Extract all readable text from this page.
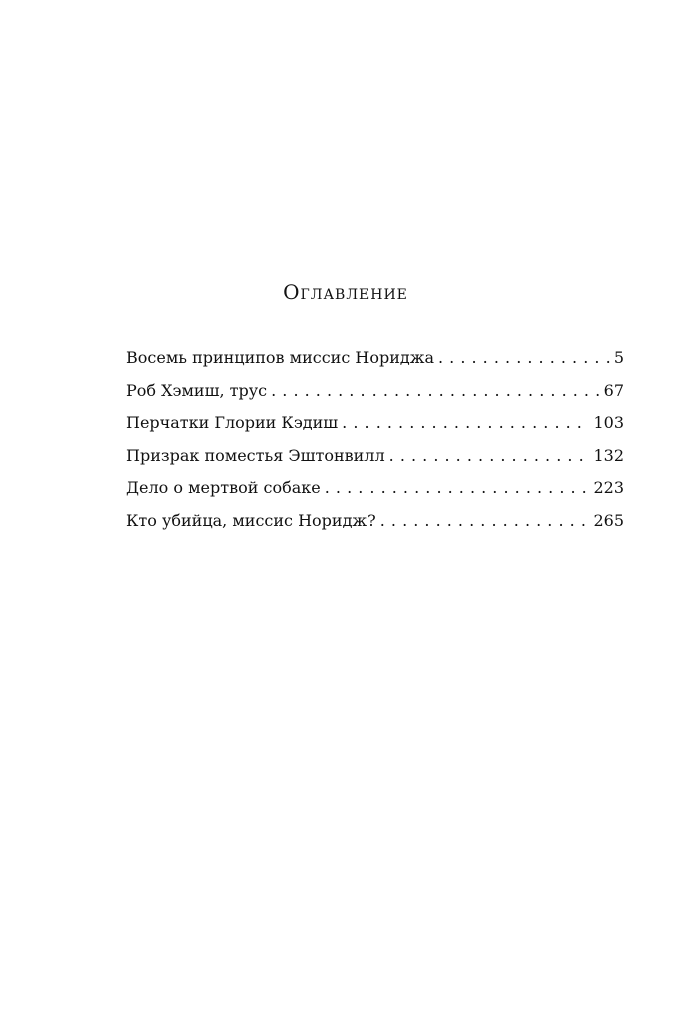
Оглавление
Восемь принципов миссис Нориджа . . .	5
Роб Хэмиш, трус . . .	67
Перчатки Глории Кэдиш . . .	103
Призрак поместья Эштонвилл . . .	132
Дело о мертвой собаке . . .	223
Кто убийца, миссис Норидж? . . .	265
